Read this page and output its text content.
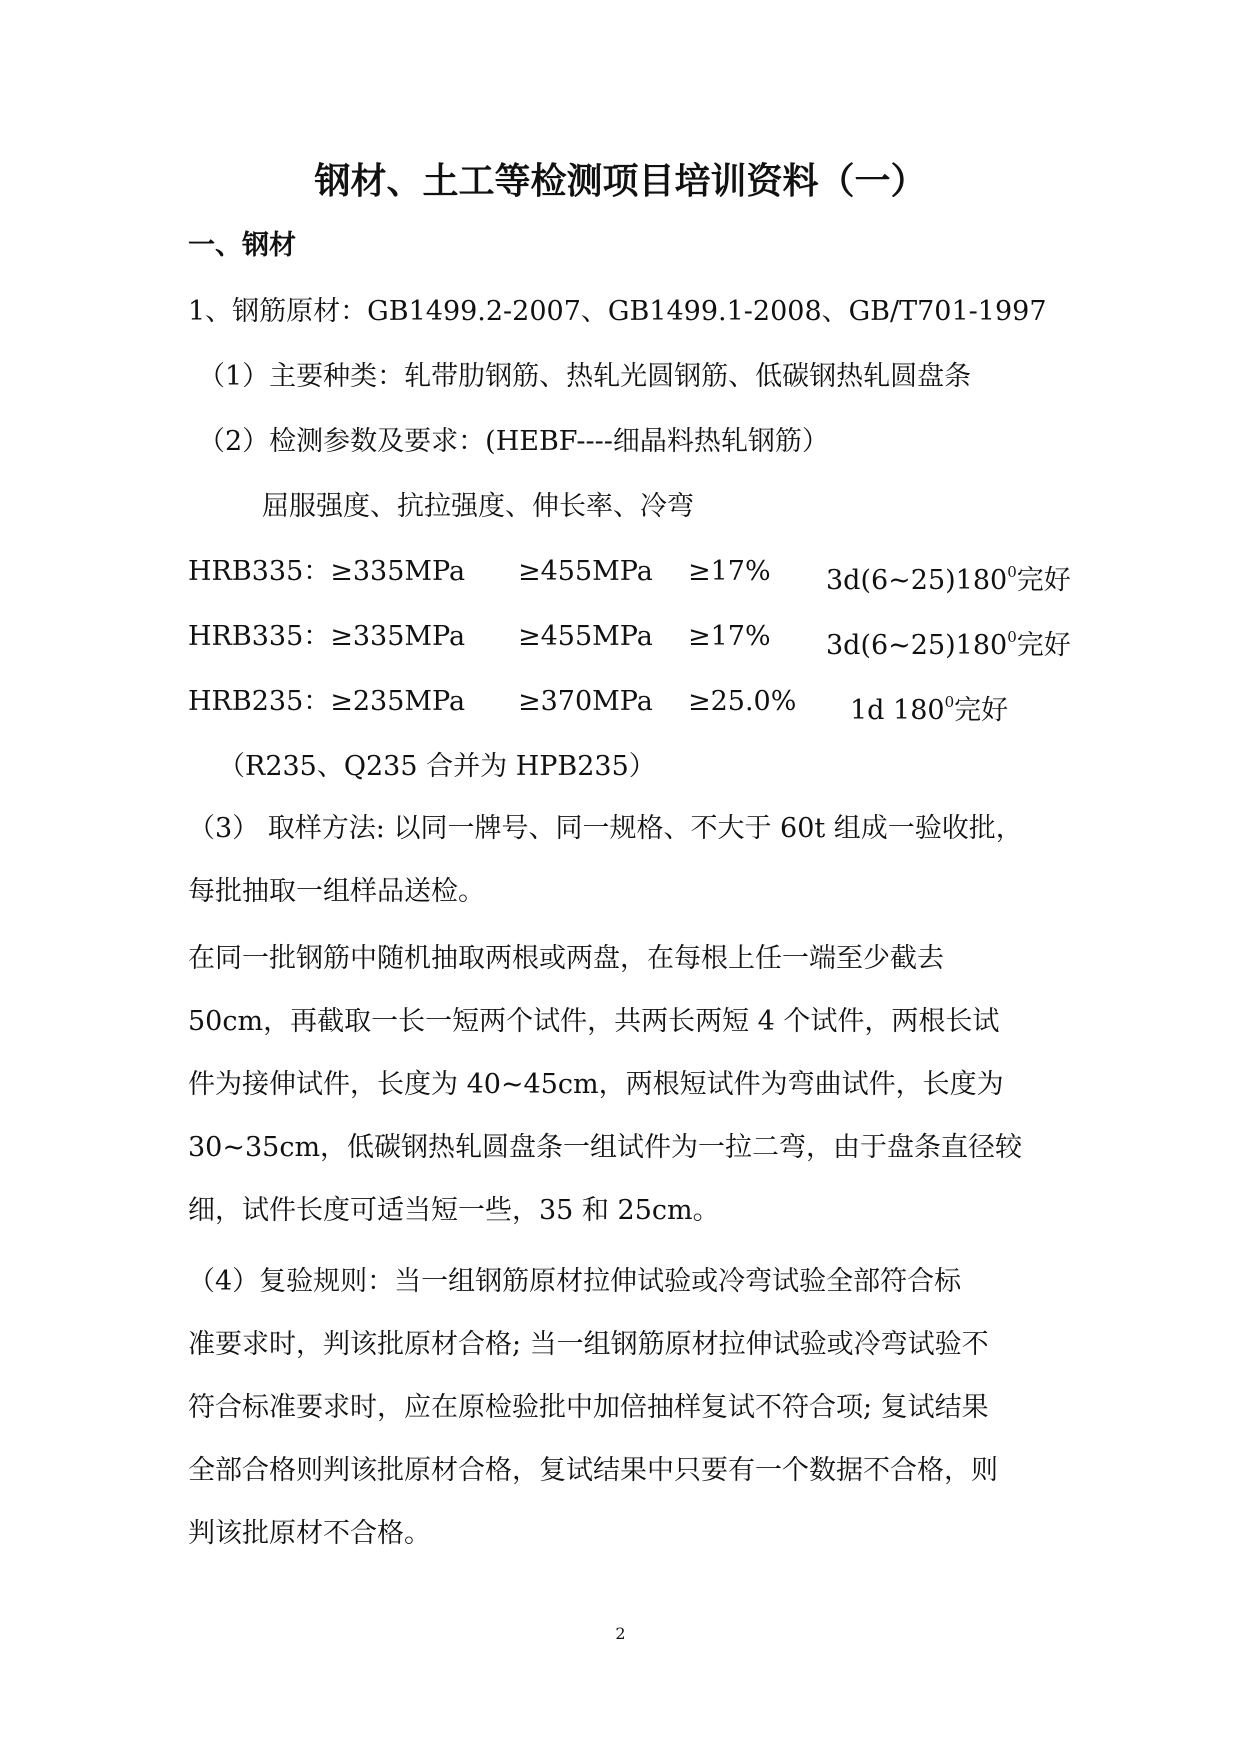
钢材、土工等检测项目培训资料（一）
一、钢材
1、钢筋原材：GB1499.2-2007、GB1499.1-2008、GB/T701-1997
（1）主要种类：轧带肋钢筋、热轧光圆钢筋、低碳钢热轧圆盘条
（2）检测参数及要求：(HEBF----细晶料热轧钢筋）
屈服强度、抗拉强度、伸长率、冷弯
HRB335：≥335MPa ≥455MPa ≥17% $3d(6\sim 25)180^0$完好
HRB335：≥335MPa ≥455MPa ≥17% $3d(6\sim 25)180^0$完好
HRB235：≥235MPa ≥370MPa ≥25.0% 1d $180^0$完好
（R235、Q235 合并为 HPB235）

（3） 取样方法: 以同一牌号、同一规格、不大于 60t 组成一验收批，

每批抽取一组样品送检。

在同一批钢筋中随机抽取两根或两盘，在每根上任一端至少截去

50cm，再截取一长一短两个试件，共两长两短 4 个试件，两根长试

件为接伸试件，长度为 40~45cm，两根短试件为弯曲试件，长度为

30~35cm，低碳钢热轧圆盘条一组试件为一拉二弯，由于盘条直径较

细，试件长度可适当短一些，35 和 25cm。

（4）复验规则：当一组钢筋原材拉伸试验或冷弯试验全部符合标

准要求时，判该批原材合格; 当一组钢筋原材拉伸试验或冷弯试验不

符合标准要求时，应在原检验批中加倍抽样复试不符合项; 复试结果

全部合格则判该批原材合格，复试结果中只要有一个数据不合格，则

判该批原材不合格。

2
